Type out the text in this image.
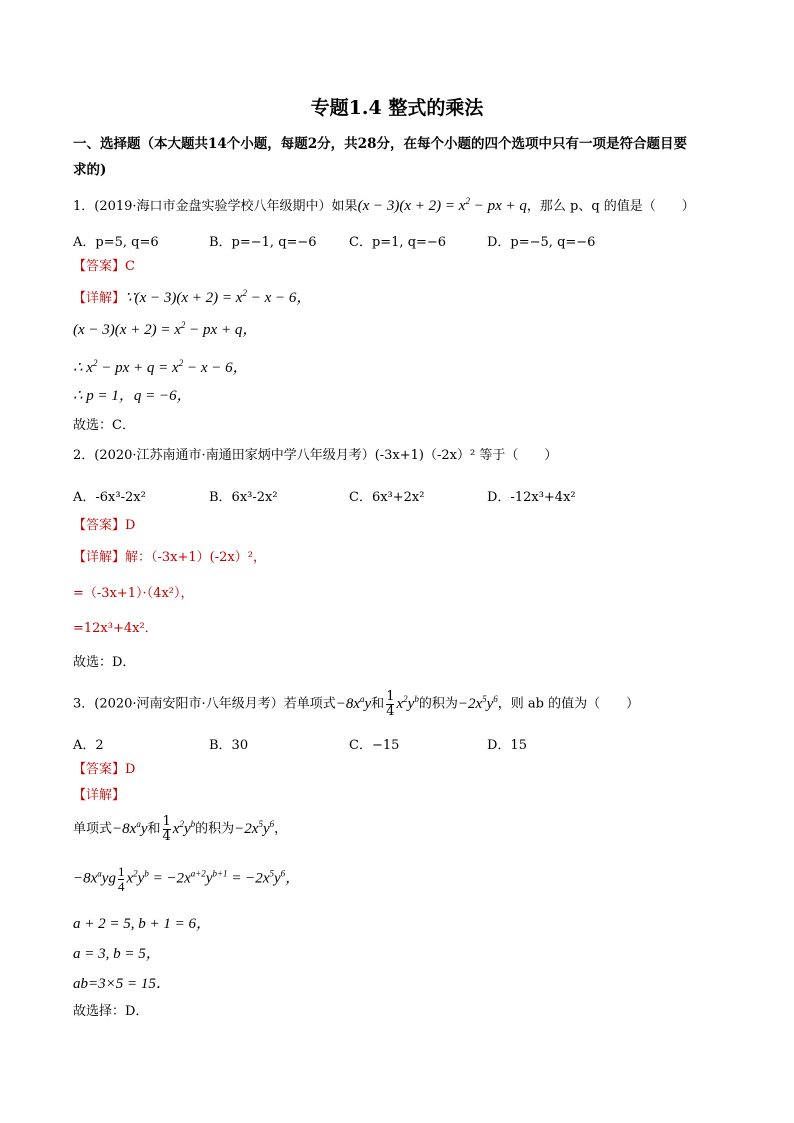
专题1.4 整式的乘法
一、选择题（本大题共14个小题，每题2分，共28分，在每个小题的四个选项中只有一项是符合题目要
求的)
1．(2019·海口市金盘实验学校八年级期中）如果$(x - 3)(x + 2) = x^2$ − px + q，那么 p、q 的值是（　　）
A．p=5, q=6	B．p=−1, q=−6 C．p=1, q=−6	D．p=−5, q=−6
【答案】C
【详解】∵(x − $3)(x + 2) = x^2 - x - 6$，
$(x - 3)(x + 2) = x^2$ − px + q，
∴ $x^2$ − px + $q = x^2 - x - 6$，
∴ p = 1，q = −6，
故选：C．
2．(2020·江苏南通市·南通田家炳中学八年级月考）(-3x+1)（-2x）² 等于（　　）
A．-6x³-2x²	B．6x³-2x²	C．6x³+2x²	D．-12x³+4x²
【答案】D
【详解】解：（-3x+1）(-2x）²，
=（-3x+1）·（4x²），
=12x³+4x²．
故选：D．
3．(2020·河南安阳市·八年级月考）若单项式$-8x^ay$和 $\frac{1}{4} x^2y^b$的积为$-2x^5y^6$，则 ab 的值为（　　）
A．2	B．30	C．−15	D．15
【答案】D
【详解】
单项式$-8x^ay$和 $\frac{1}{4} x^2y^b$的积为$-2x^5y^6$，
$-8x^ayg \frac{1}{4} x^2y^b = -2x^{a+2}y^{b+1} = -2x^5y^6$，
a + 2 = 5, b + 1 = 6，
a = 3, b = 5，
ab=3×5 = 15．
故选择：D．
